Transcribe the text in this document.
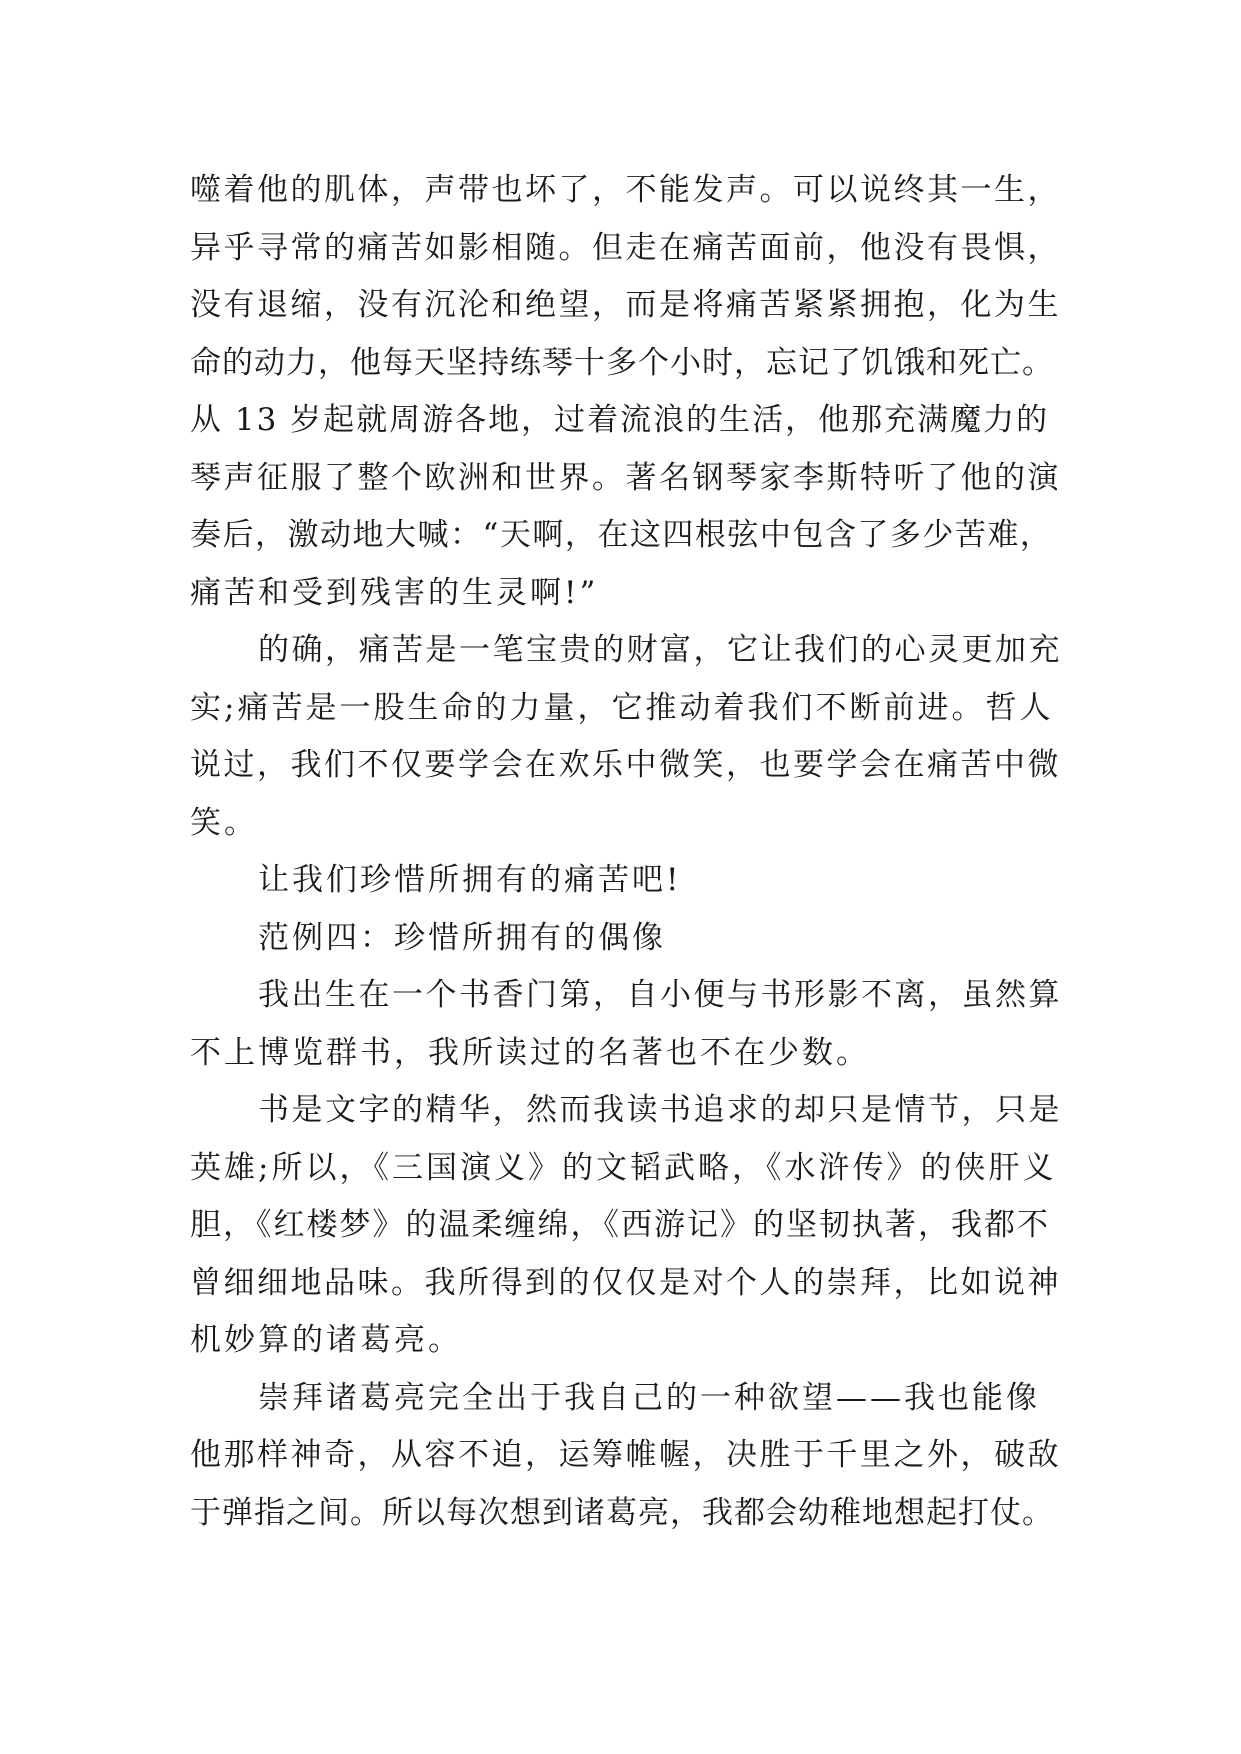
噬着他的肌体，声带也坏了，不能发声。可以说终其一生，
异乎寻常的痛苦如影相随。但走在痛苦面前，他没有畏惧，
没有退缩，没有沉沦和绝望，而是将痛苦紧紧拥抱，化为生
命的动力，他每天坚持练琴十多个小时，忘记了饥饿和死亡。
从 13 岁起就周游各地，过着流浪的生活，他那充满魔力的
琴声征服了整个欧洲和世界。著名钢琴家李斯特听了他的演
奏后，激动地大喊：“天啊，在这四根弦中包含了多少苦难，
痛苦和受到残害的生灵啊!”
的确，痛苦是一笔宝贵的财富，它让我们的心灵更加充
实;痛苦是一股生命的力量，它推动着我们不断前进。哲人
说过，我们不仅要学会在欢乐中微笑，也要学会在痛苦中微
笑。
让我们珍惜所拥有的痛苦吧!
范例四：珍惜所拥有的偶像
我出生在一个书香门第，自小便与书形影不离，虽然算
不上博览群书，我所读过的名著也不在少数。
书是文字的精华，然而我读书追求的却只是情节，只是
英雄;所以，《三国演义》的文韬武略，《水浒传》的侠肝义
胆，《红楼梦》的温柔缠绵，《西游记》的坚韧执著，我都不
曾细细地品味。我所得到的仅仅是对个人的崇拜，比如说神
机妙算的诸葛亮。
崇拜诸葛亮完全出于我自己的一种欲望——我也能像
他那样神奇，从容不迫，运筹帷幄，决胜于千里之外，破敌
于弹指之间。所以每次想到诸葛亮，我都会幼稚地想起打仗。
